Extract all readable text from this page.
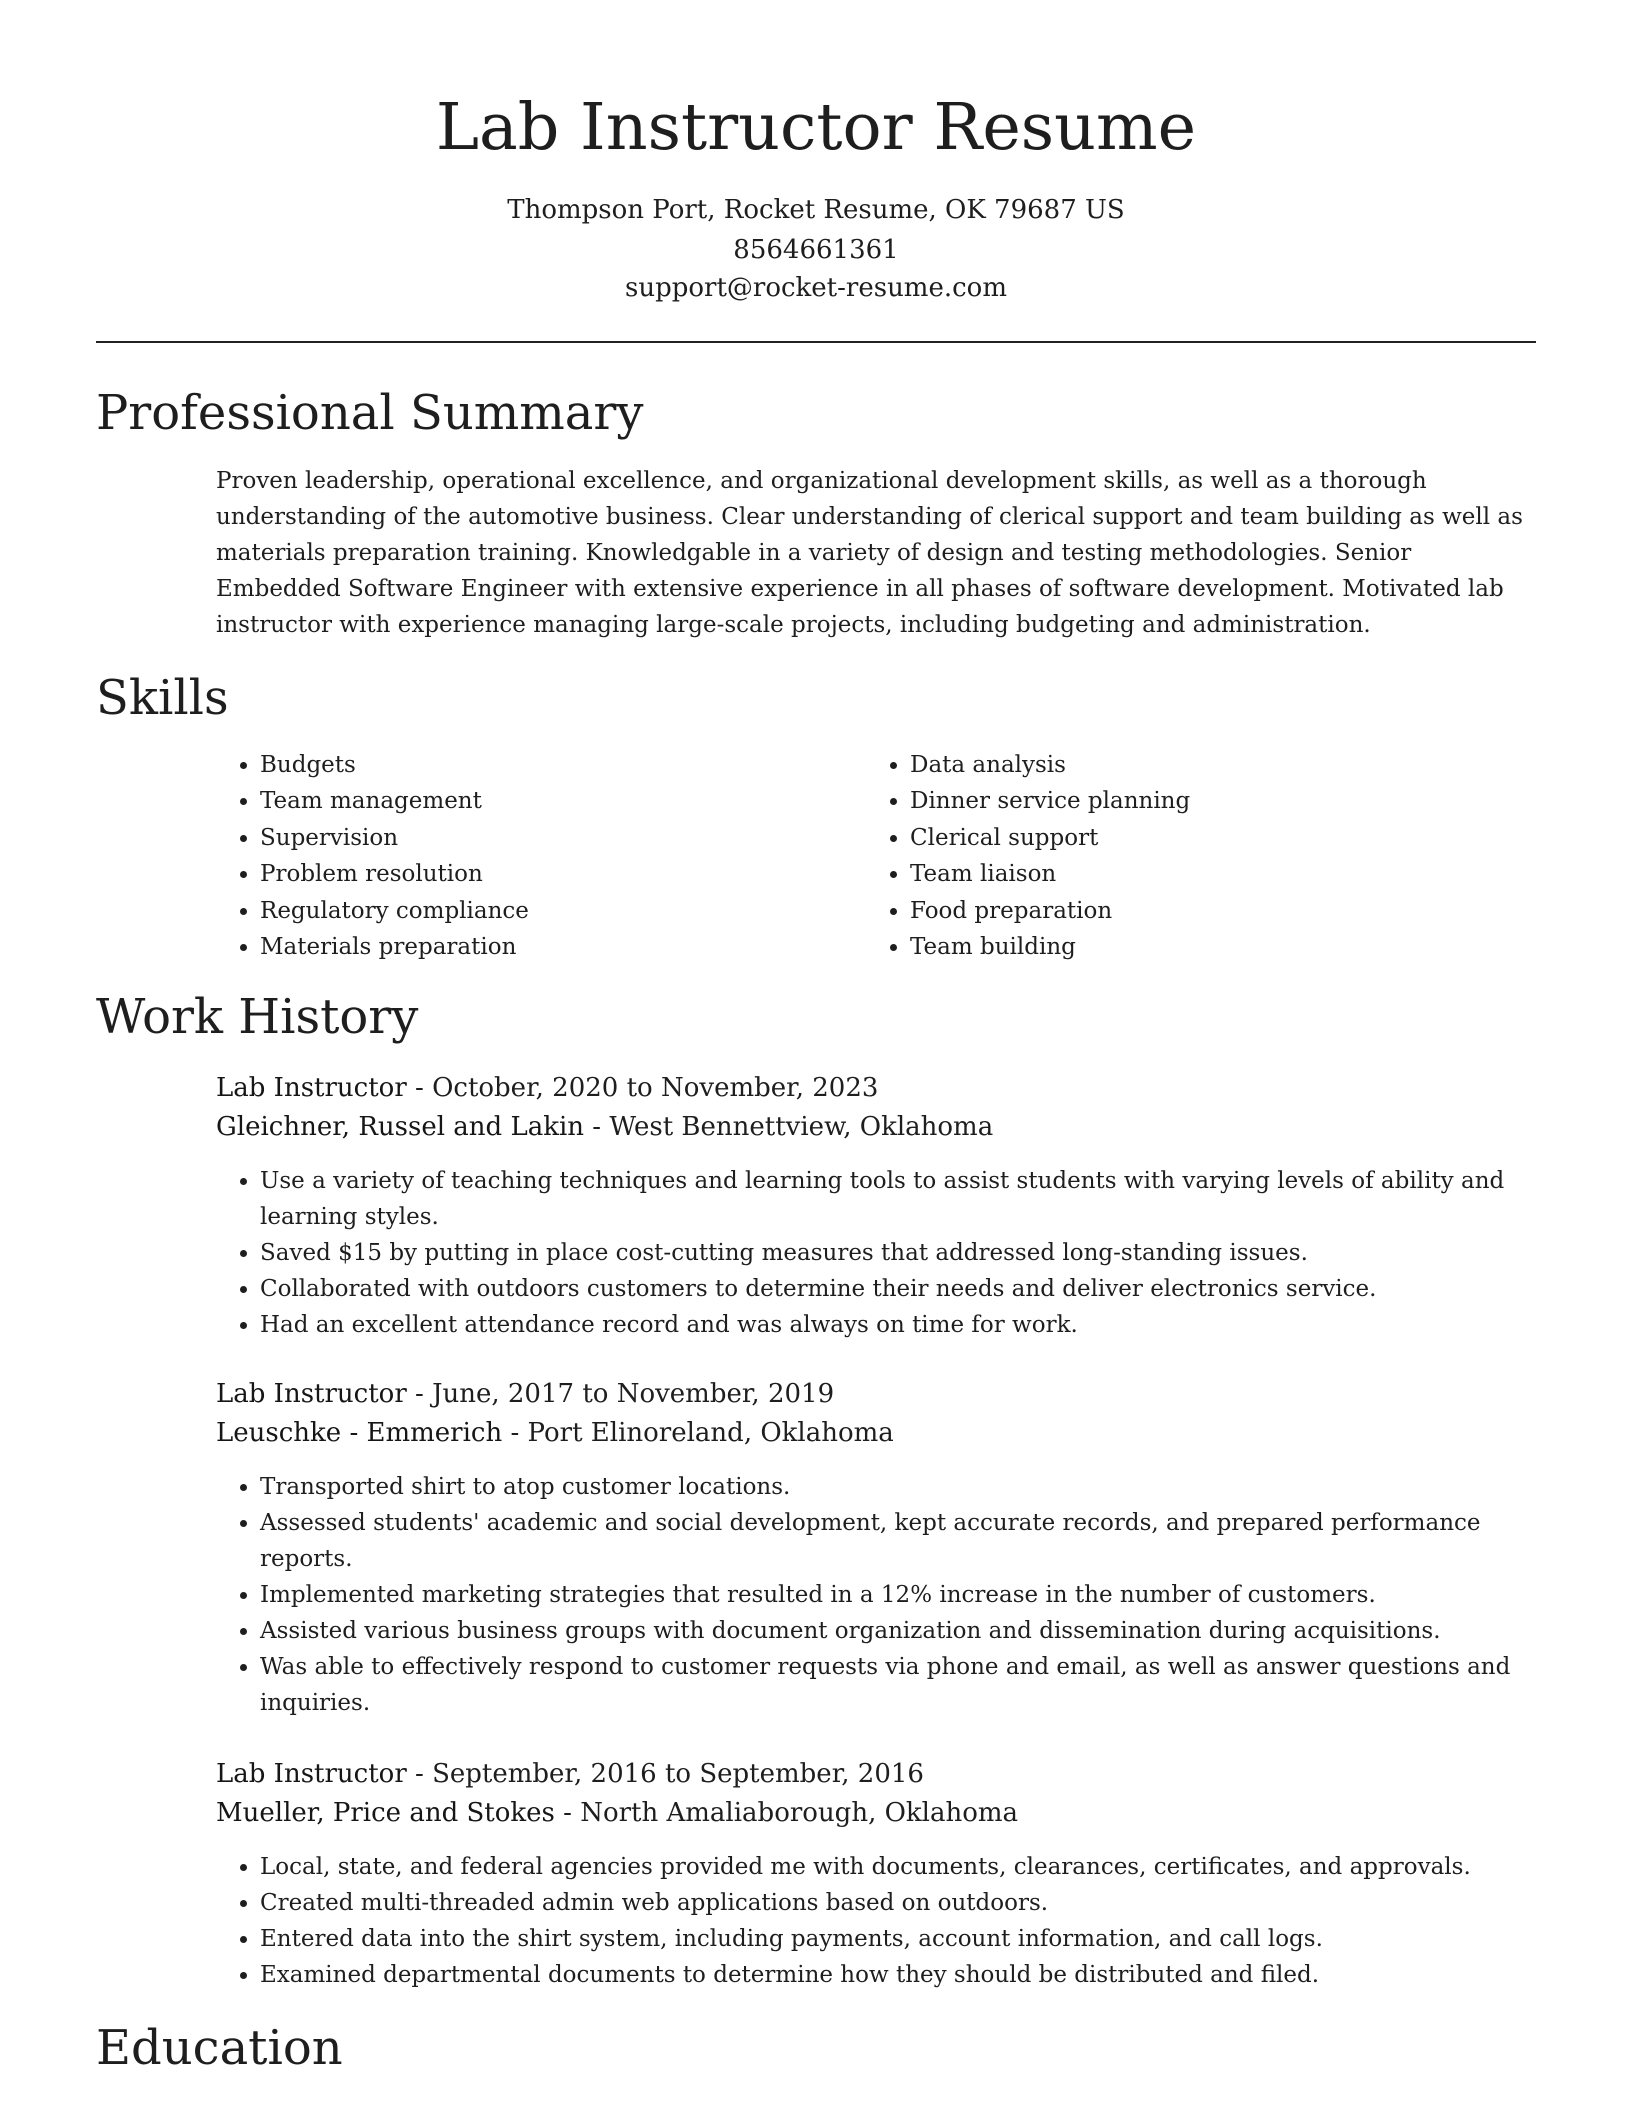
Lab Instructor Resume

Thompson Port, Rocket Resume, OK 79687 US

8564661361

support@rocket-resume.com

Professional Summary

Proven leadership, operational excellence, and organizational development skills, as well as a thorough understanding of the automotive business. Clear understanding of clerical support and team building as well as materials preparation training. Knowledgable in a variety of design and testing methodologies. Senior Embedded Software Engineer with extensive experience in all phases of software development. Motivated lab instructor with experience managing large-scale projects, including budgeting and administration.

Skills
• Budgets
• Team management
• Supervision
• Problem resolution
• Regulatory compliance
• Materials preparation
• Data analysis
• Dinner service planning
• Clerical support
• Team liaison
• Food preparation
• Team building
Work History

Lab Instructor - October, 2020 to November, 2023

Gleichner, Russel and Lakin - West Bennettview, Oklahoma

• Use a variety of teaching techniques and learning tools to assist students with varying levels of ability and learning styles.
• Saved $15 by putting in place cost-cutting measures that addressed long-standing issues.
• Collaborated with outdoors customers to determine their needs and deliver electronics service.
• Had an excellent attendance record and was always on time for work.

Lab Instructor - June, 2017 to November, 2019

Leuschke - Emmerich - Port Elinoreland, Oklahoma

• Transported shirt to atop customer locations.
• Assessed students' academic and social development, kept accurate records, and prepared performance reports.
• Implemented marketing strategies that resulted in a 12% increase in the number of customers.
• Assisted various business groups with document organization and dissemination during acquisitions.
• Was able to effectively respond to customer requests via phone and email, as well as answer questions and inquiries.

Lab Instructor - September, 2016 to September, 2016

Mueller, Price and Stokes - North Amaliaborough, Oklahoma

• Local, state, and federal agencies provided me with documents, clearances, certificates, and approvals.
• Created multi-threaded admin web applications based on outdoors.
• Entered data into the shirt system, including payments, account information, and call logs.
• Examined departmental documents to determine how they should be distributed and filed.
Education
